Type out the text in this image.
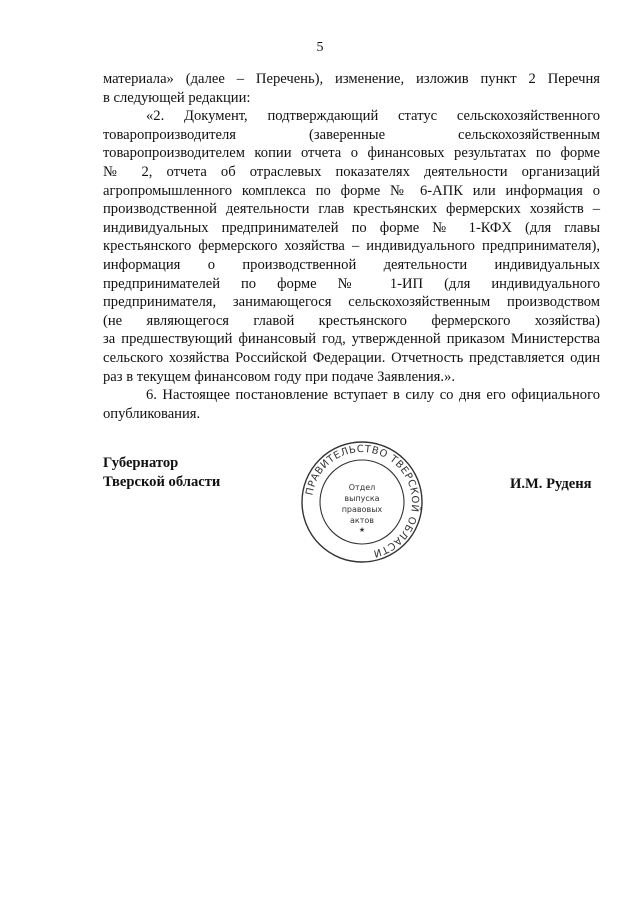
5
материала» (далее – Перечень), изменение, изложив пункт 2 Перечня
в следующей редакции:
«2. Документ, подтверждающий статус сельскохозяйственного
товаропроизводителя (заверенные сельскохозяйственным
товаропроизводителем копии отчета о финансовых результатах по форме
№ 2, отчета об отраслевых показателях деятельности организаций
агропромышленного комплекса по форме № 6-АПК или информация о
производственной деятельности глав крестьянских фермерских хозяйств –
индивидуальных предпринимателей по форме № 1-КФХ (для главы
крестьянского фермерского хозяйства – индивидуального предпринимателя),
информация о производственной деятельности индивидуальных
предпринимателей по форме № 1-ИП (для индивидуального
предпринимателя, занимающегося сельскохозяйственным производством
(не являющегося главой крестьянского фермерского хозяйства)
за предшествующий финансовый год, утвержденной приказом Министерства
сельского хозяйства Российской Федерации. Отчетность представляется один
раз в текущем финансовом году при подаче Заявления.».
6. Настоящее постановление вступает в силу со дня его официального
опубликования.
Губернатор
Тверской области	И.М. Руденя
ПРАВИТЕЛЬСТВО ТВЕРСКОЙ ОБЛАСТИ
★
Отдел
выпуска
правовых
актов
